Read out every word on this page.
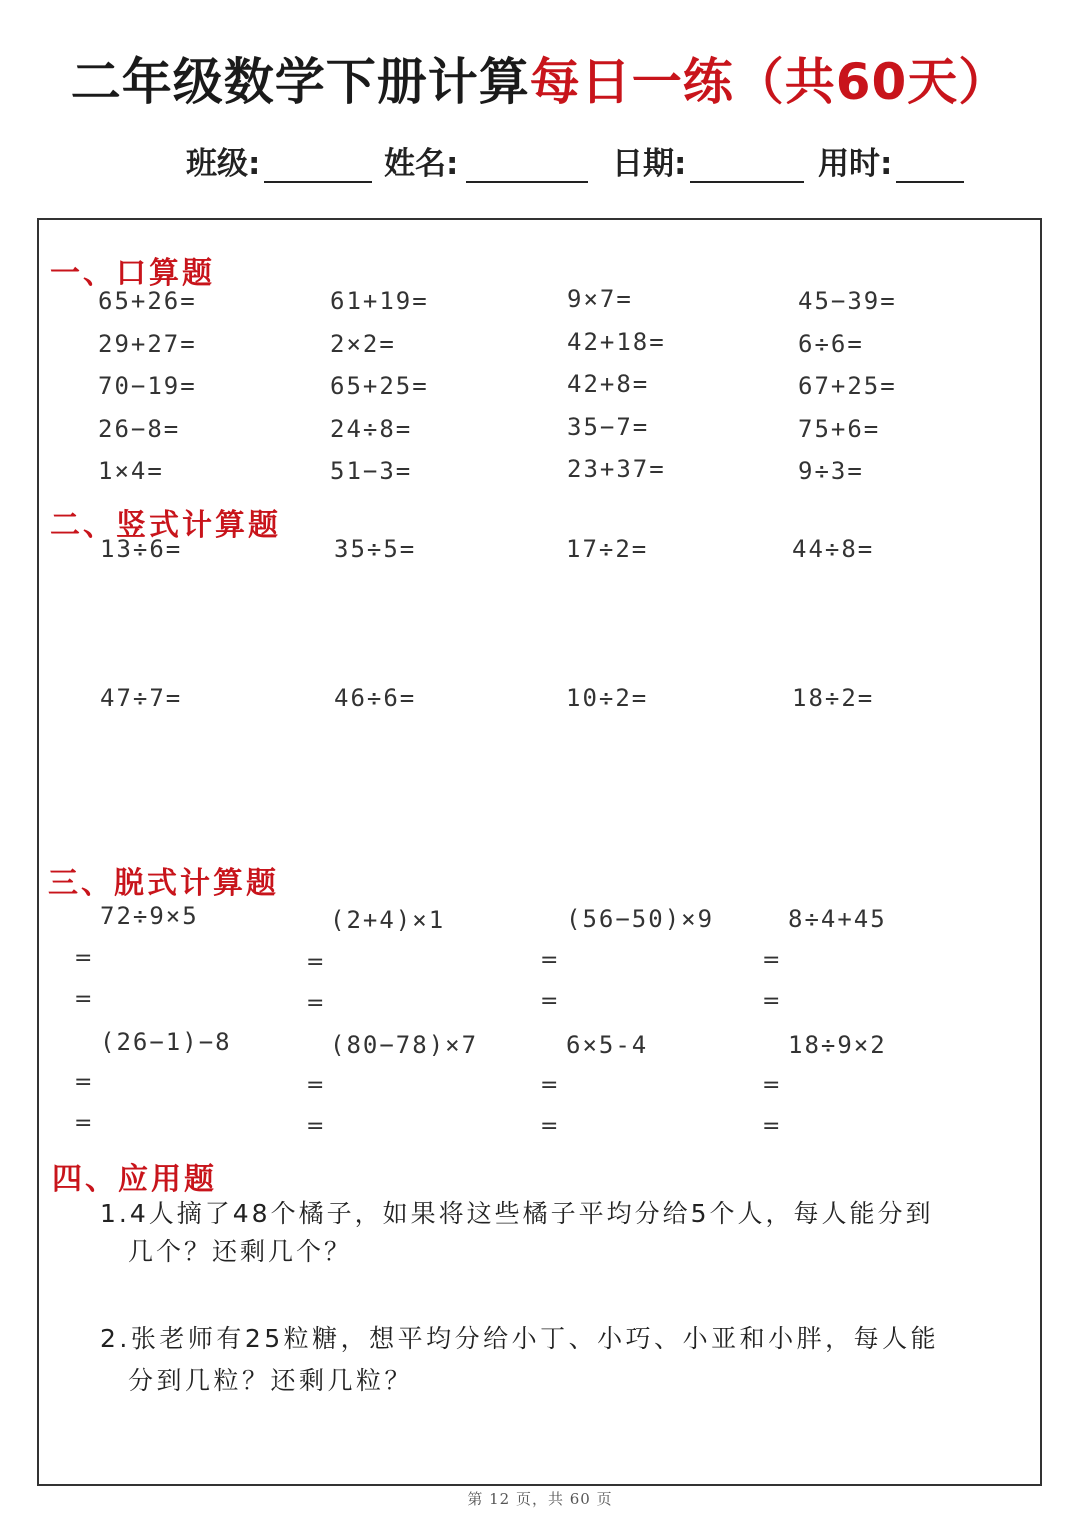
二年级数学下册计算每日一练（共60天）
班级:	姓名:	日期:	用时:
一、口算题
65+26=	61+19=	9×7=	45−39=
29+27=	2×2=	42+18=	6÷6=
70−19=	65+25=	42+8=	67+25=
26−8=	24÷8=	35−7=	75+6=
1×4=	51−3=	23+37=	9÷3=
二、竖式计算题
13÷6=	35÷5=	17÷2=	44÷8=
47÷7=	46÷6=	10÷2=	18÷2=
三、脱式计算题
72÷9×5	(2+4)×1	(56−50)×9	8÷4+45
=	=	=	=
=	=	=	=
(26−1)−8	(80−78)×7	6×5-4	18÷9×2
=	=	=	=
=	=	=	=
四、应用题
1.4人摘了48个橘子，如果将这些橘子平均分给5个人，每人能分到
几个？还剩几个？
2.张老师有25粒糖，想平均分给小丁、小巧、小亚和小胖，每人能
分到几粒？还剩几粒？
第 12 页，共 60 页
